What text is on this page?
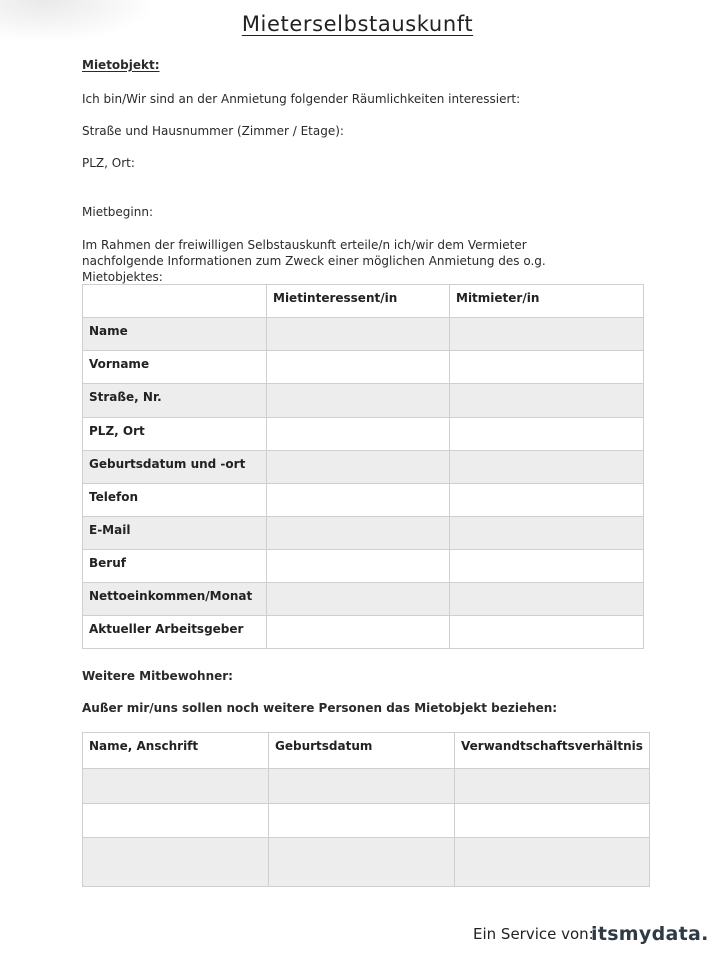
Mieterselbstauskunft
Mietobjekt:
Ich bin/Wir sind an der Anmietung folgender Räumlichkeiten interessiert:
Straße und Hausnummer (Zimmer / Etage):
PLZ, Ort:
Mietbeginn:
Im Rahmen der freiwilligen Selbstauskunft erteile/n ich/wir dem Vermieter nachfolgende Informationen zum Zweck einer möglichen Anmietung des o.g. Mietobjektes:
	Mietinteressent/in	Mitmieter/in
Name		
Vorname		
Straße, Nr.		
PLZ, Ort		
Geburtsdatum und -ort		
Telefon		
E-Mail		
Beruf		
Nettoeinkommen/Monat		
Aktueller Arbeitsgeber		
Weitere Mitbewohner:
Außer mir/uns sollen noch weitere Personen das Mietobjekt beziehen:
Name, Anschrift	Geburtsdatum	Verwandtschaftsverhältnis

Ein Service von:
itsmydata.
